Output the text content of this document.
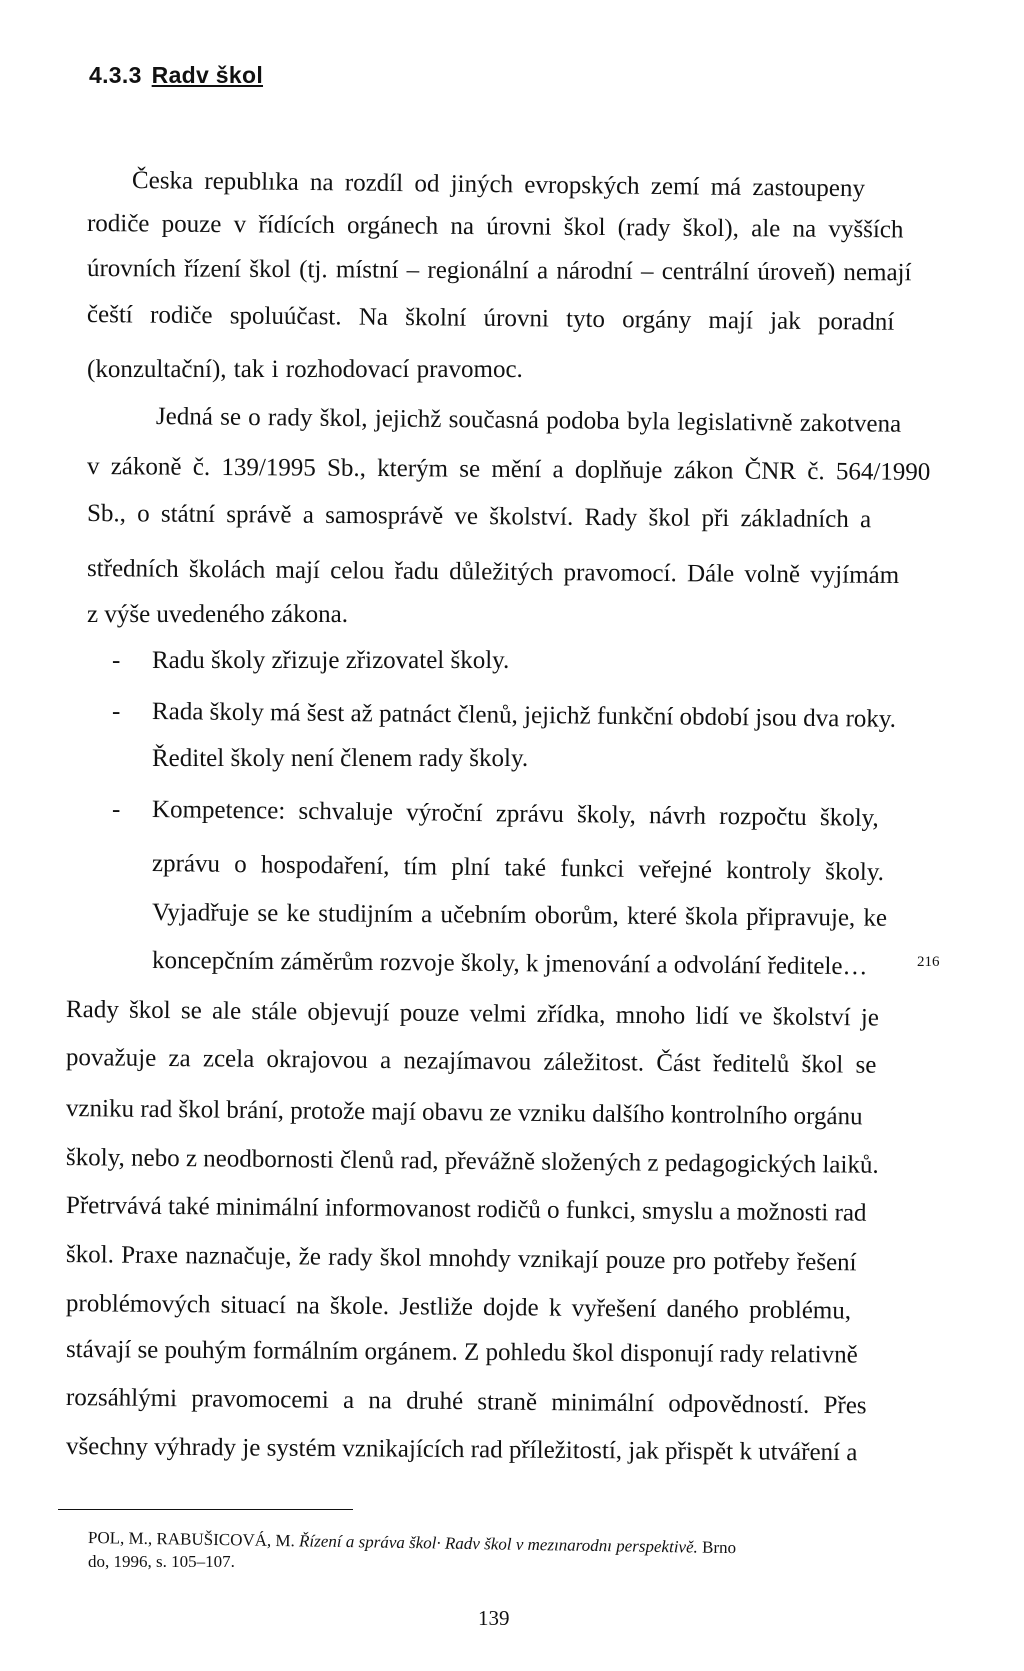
4.3.3 Radv škol
Česka republıka na rozdíl od jiných evropských zemí má zastoupeny
rodiče pouze v řídících orgánech na úrovni škol (rady škol), ale na vyšších
úrovních řízení škol (tj. místní – regionální a národní – centrální úroveň) nemají
čeští rodiče spoluúčast. Na školní úrovni tyto orgány mají jak poradní
(konzultační), tak i rozhodovací pravomoc.
Jedná se o rady škol, jejichž současná podoba byla legislativně zakotvena
v zákoně č. 139/1995 Sb., kterým se mění a doplňuje zákon ČNR č. 564/1990
Sb., o státní správě a samosprávě ve školství. Rady škol při základních a
středních školách mají celou řadu důležitých pravomocí. Dále volně vyjímám
z výše uvedeného zákona.
- Radu školy zřizuje zřizovatel školy.
- Rada školy má šest až patnáct členů, jejichž funkční období jsou dva roky.
Ředitel školy není členem rady školy.
- Kompetence: schvaluje výroční zprávu školy, návrh rozpočtu školy,
zprávu o hospodaření, tím plní také funkci veřejné kontroly školy.
Vyjadřuje se ke studijním a učebním oborům, které škola připravuje, ke
koncepčním záměrům rozvoje školy, k jmenování a odvolání ředitele…	216
Rady škol se ale stále objevují pouze velmi zřídka, mnoho lidí ve školství je
považuje za zcela okrajovou a nezajímavou záležitost. Část ředitelů škol se
vzniku rad škol brání, protože mají obavu ze vzniku dalšího kontrolního orgánu
školy, nebo z neodbornosti členů rad, převážně složených z pedagogických laiků.
Přetrvává také minimální informovanost rodičů o funkci, smyslu a možnosti rad
škol. Praxe naznačuje, že rady škol mnohdy vznikají pouze pro potřeby řešení
problémových situací na škole. Jestliže dojde k vyřešení daného problému,
stávají se pouhým formálním orgánem. Z pohledu škol disponují rady relativně
rozsáhlými pravomocemi a na druhé straně minimální odpovědností. Přes
všechny výhrady je systém vznikajících rad příležitostí, jak přispět k utváření a
POL, M., RABUŠICOVÁ, M. Řízení a správa škol· Radv škol v mezınarodnı perspektivě. Brno
do, 1996, s. 105–107.
139
